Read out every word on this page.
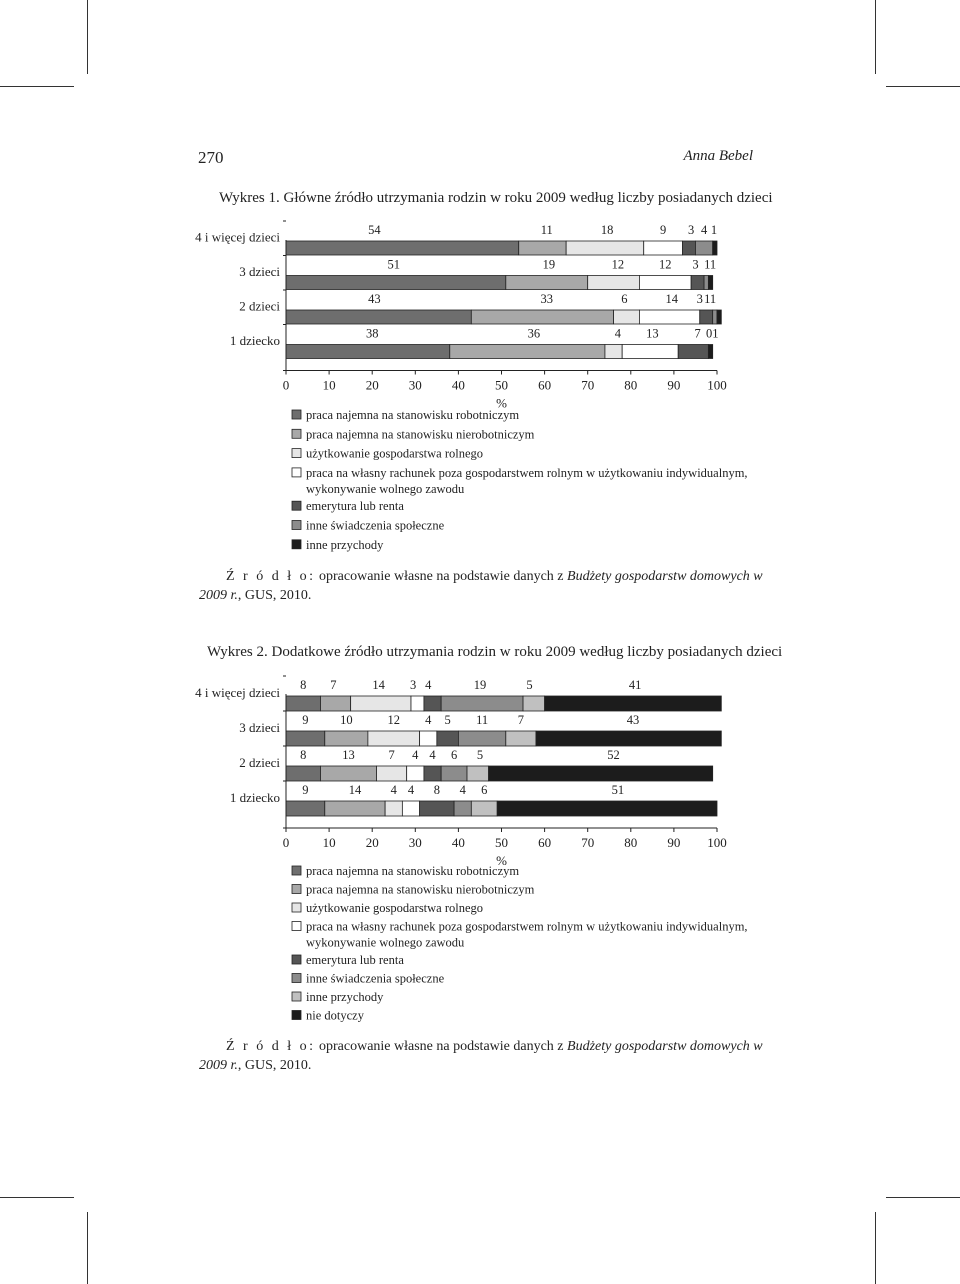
270	Anna Bebel
Wykres 1. Główne źródło utrzymania rodzin w roku 2009 według liczby posiadanych dzieci
4 i więcej dzieci	54	11	18	9 3 4 1
3 dzieci	51	19	12	12 3 11
2 dzieci	43	33	6	14 3 11
1 dziecko	38	36	4 13	7 01
0	10 20 30 40 50 60 70 80 90 100
%
praca najemna na stanowisku robotniczym
praca najemna na stanowisku nierobotniczym
użytkowanie gospodarstwa rolnego
praca na własny rachunek poza gospodarstwem rolnym w użytkowaniu indywidualnym, wykonywanie wolnego zawodu
emerytura lub renta
inne świadczenia społeczne
inne przychody
Ź r ó d ł o: opracowanie własne na podstawie danych z Budżety gospodarstw domowych w 2009 r., GUS, 2010.
Wykres 2. Dodatkowe źródło utrzymania rodzin w roku 2009 według liczby posiadanych dzieci
4 i więcej dzieci 8 7	14 3 4	19	5	41
3 dzieci 9	10	12 4 5 11 7	43
2 dzieci 8	13	7 4 4 6 5	52
1 dziecko 9	14 4 4 8 4 6	51
0	10 20 30 40 50 60 70 80 90 100
%
praca najemna na stanowisku robotniczym
praca najemna na stanowisku nierobotniczym
użytkowanie gospodarstwa rolnego
praca na własny rachunek poza gospodarstwem rolnym w użytkowaniu indywidualnym, wykonywanie wolnego zawodu
emerytura lub renta
inne świadczenia społeczne
inne przychody
nie dotyczy
Ź r ó d ł o: opracowanie własne na podstawie danych z Budżety gospodarstw domowych w 2009 r., GUS, 2010.
